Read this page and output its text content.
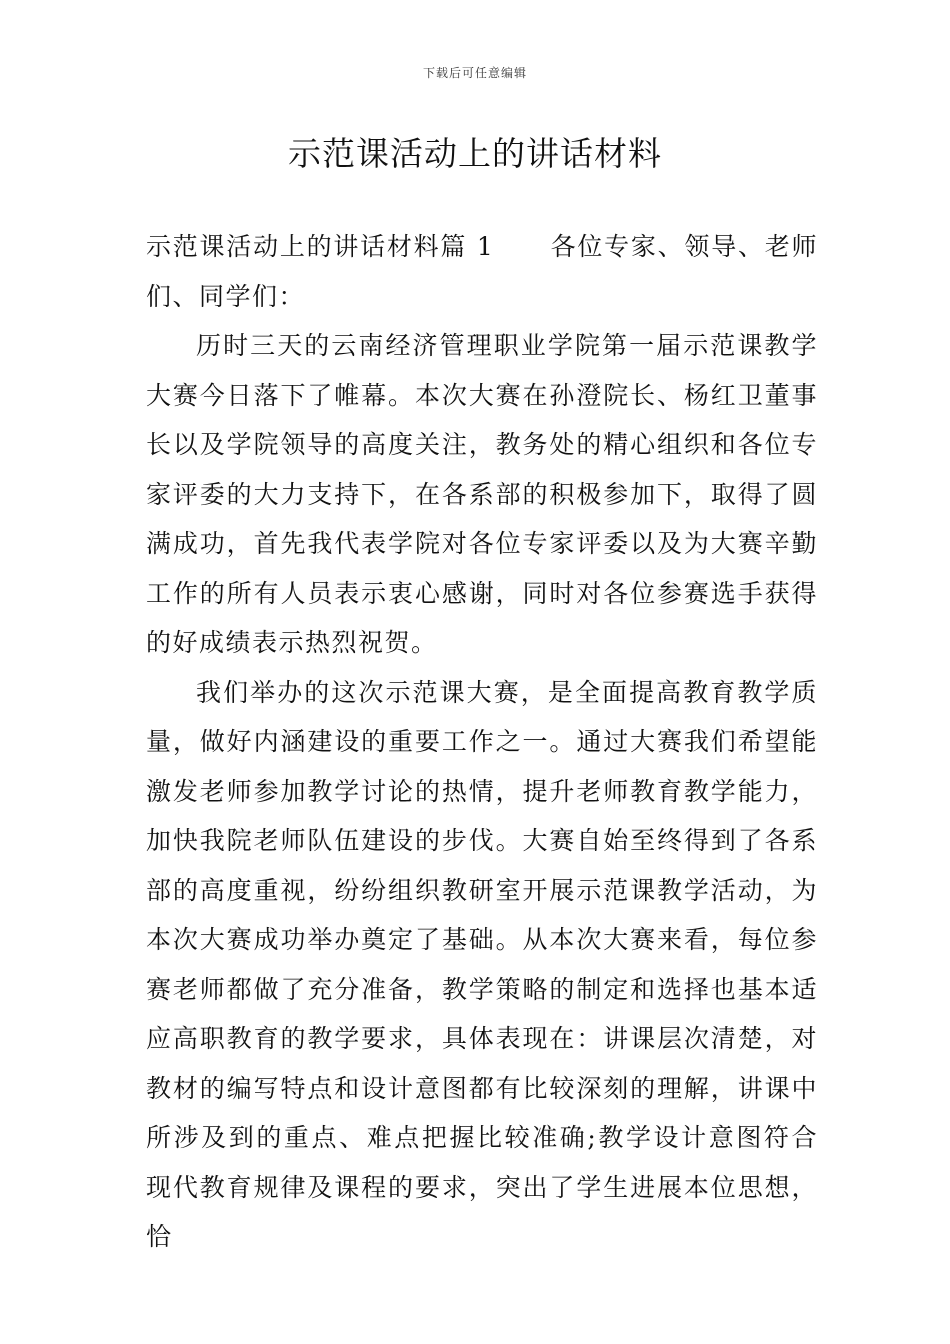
下载后可任意编辑
示范课活动上的讲话材料

示范课活动上的讲话材料篇 1 各位专家、领导、老师们、同学们：

历时三天的云南经济管理职业学院第一届示范课教学大赛今日落下了帷幕。本次大赛在孙澄院长、杨红卫董事长以及学院领导的高度关注，教务处的精心组织和各位专家评委的大力支持下，在各系部的积极参加下，取得了圆满成功，首先我代表学院对各位专家评委以及为大赛辛勤工作的所有人员表示衷心感谢，同时对各位参赛选手获得的好成绩表示热烈祝贺。

我们举办的这次示范课大赛，是全面提高教育教学质量，做好内涵建设的重要工作之一。通过大赛我们希望能激发老师参加教学讨论的热情，提升老师教育教学能力，加快我院老师队伍建设的步伐。大赛自始至终得到了各系部的高度重视，纷纷组织教研室开展示范课教学活动，为本次大赛成功举办奠定了基础。从本次大赛来看，每位参赛老师都做了充分准备，教学策略的制定和选择也基本适应高职教育的教学要求，具体表现在：讲课层次清楚，对教材的编写特点和设计意图都有比较深刻的理解，讲课中所涉及到的重点、难点把握比较准确;教学设计意图符合现代教育规律及课程的要求，突出了学生进展本位思想，恰
